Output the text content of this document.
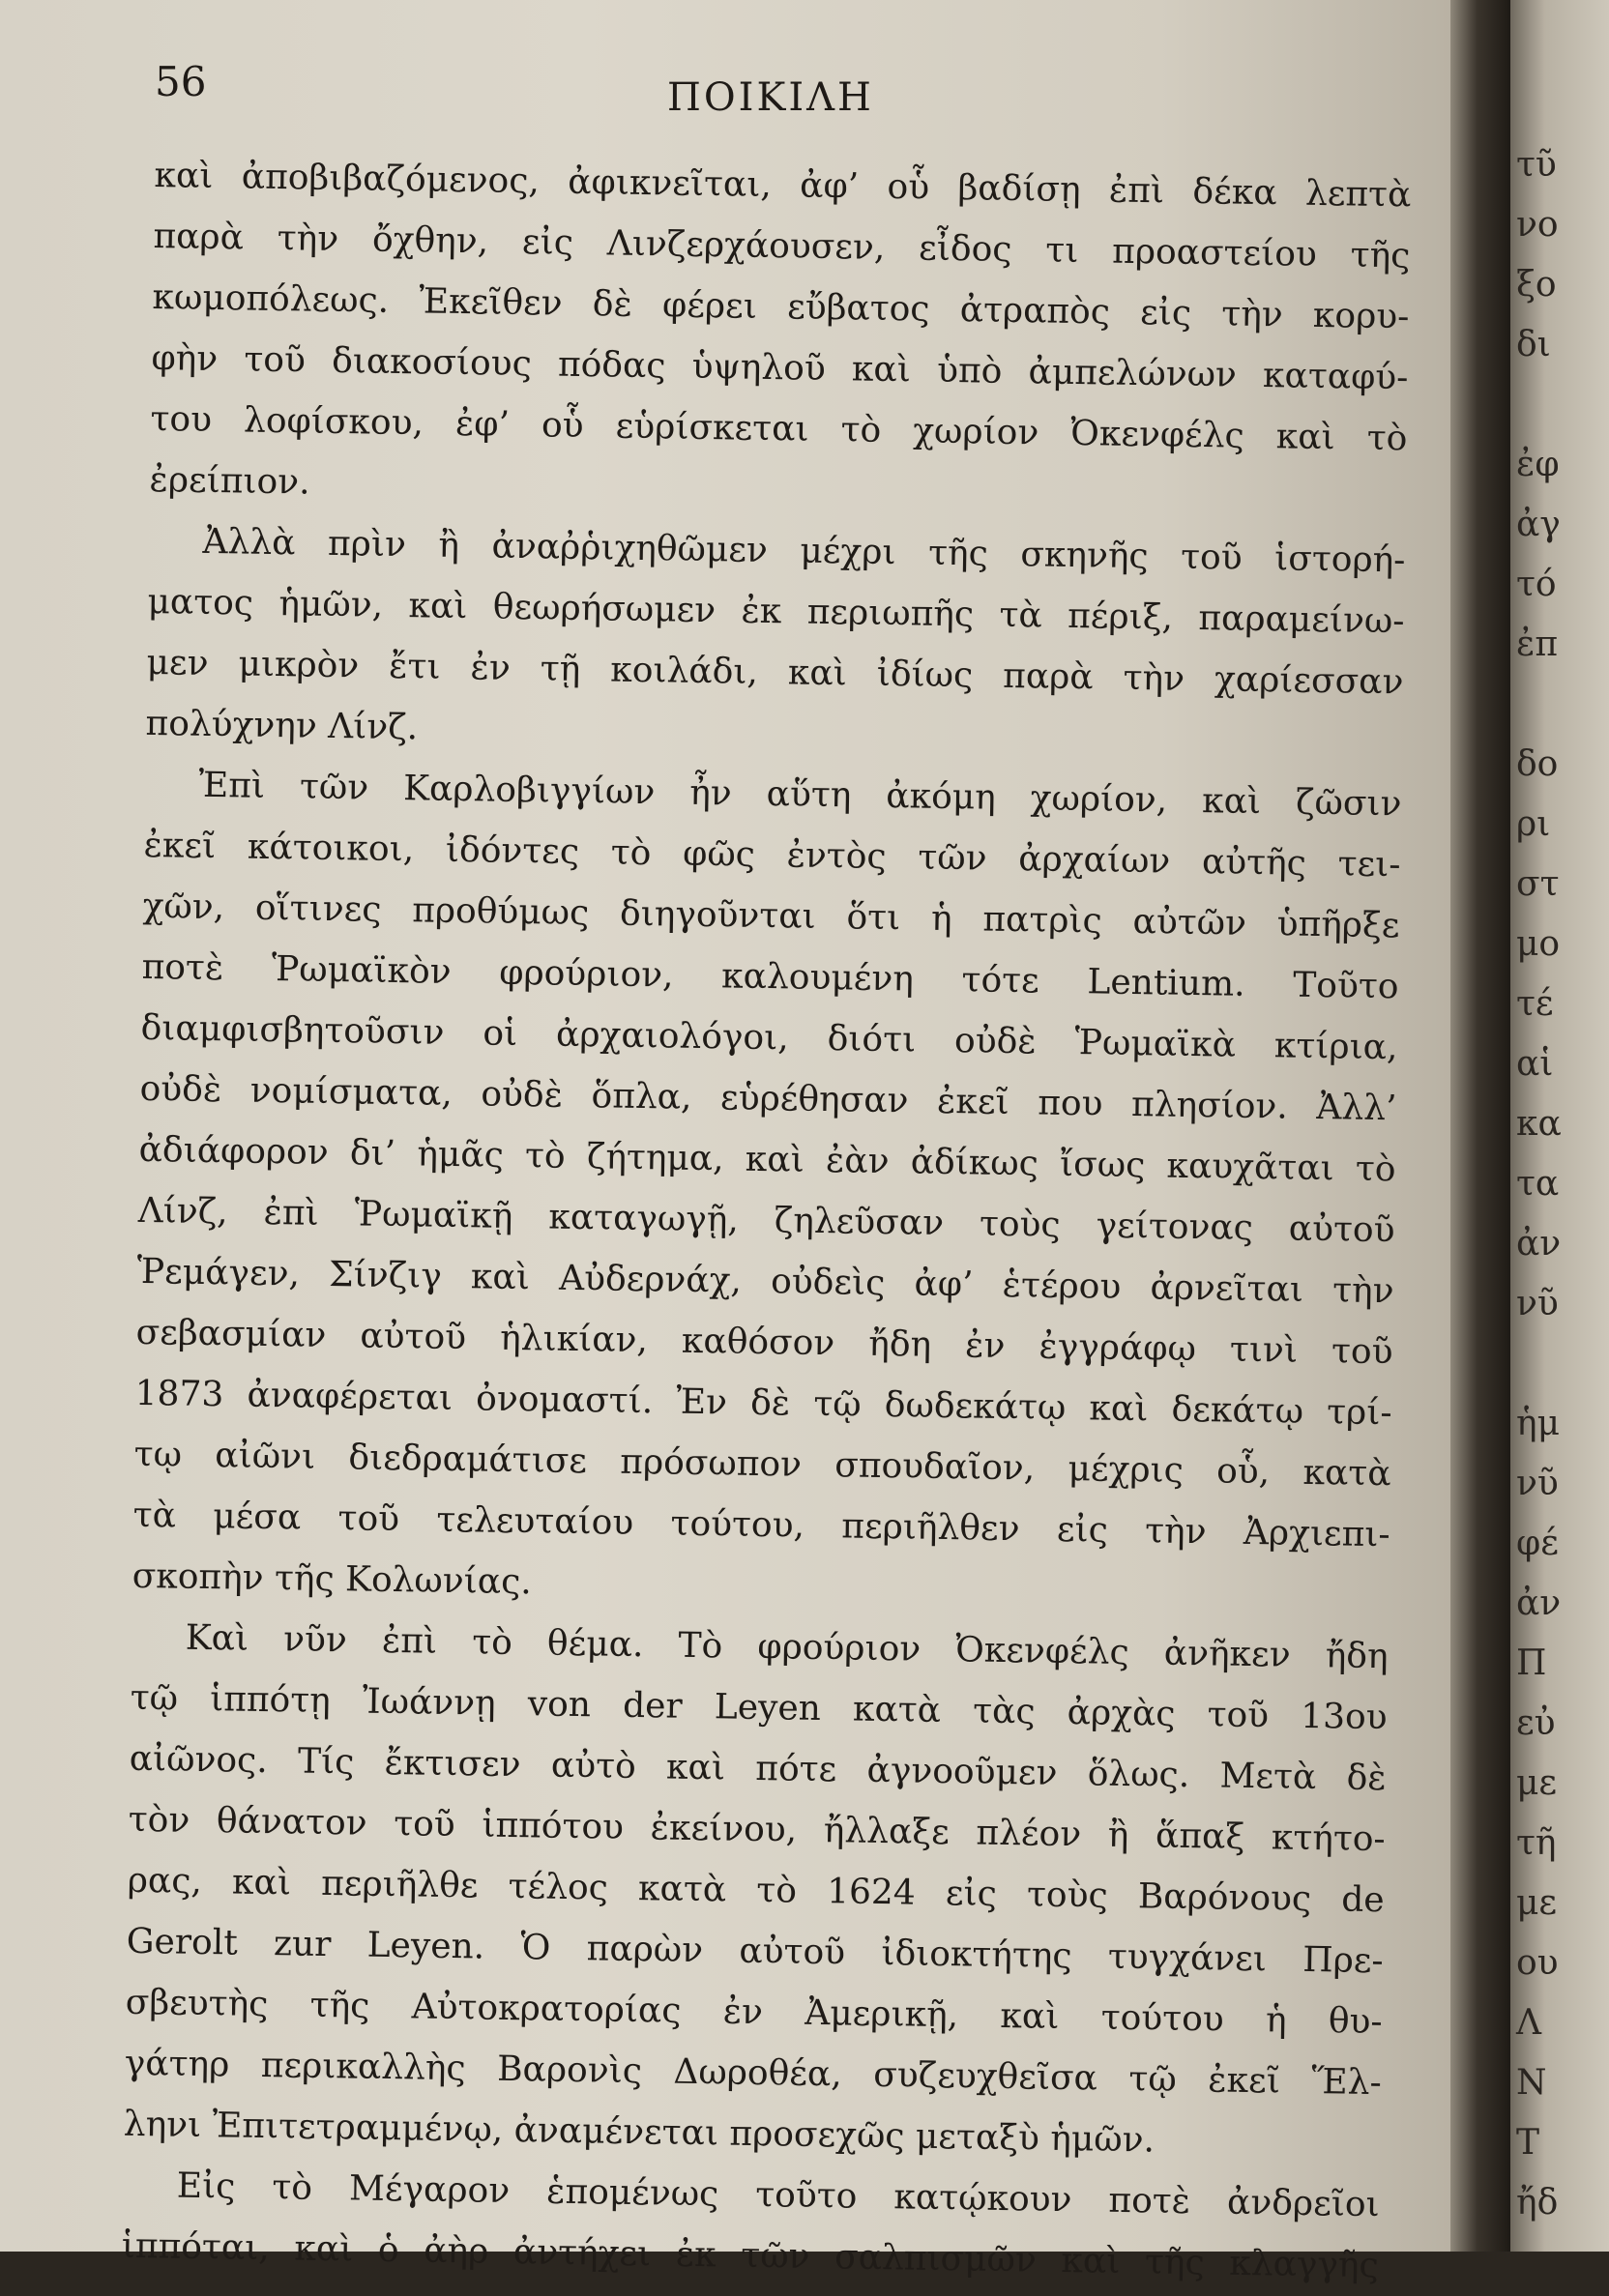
56	ΠΟΙΚΙΛΗ
καὶ ἀποβιβαζόμενος, ἀφικνεῖται, ἀφ’ οὗ βαδίσῃ ἐπὶ δέκα λεπτὰ
παρὰ τὴν ὄχθην, εἰς Λινζερχάουσεν, εἶδος τι προαστείου τῆς
κωμοπόλεως. Ἐκεῖθεν δὲ φέρει εὔβατος ἀτραπὸς εἰς τὴν κορυ-
φὴν τοῦ διακοσίους πόδας ὑψηλοῦ καὶ ὑπὸ ἀμπελώνων καταφύ-
του λοφίσκου, ἐφ’ οὗ εὑρίσκεται τὸ χωρίον Ὀκενφέλς καὶ τὸ
ἐρείπιον.
Ἀλλὰ πρὶν ἢ ἀναῤῥιχηθῶμεν μέχρι τῆς σκηνῆς τοῦ ἱστορή-
ματος ἡμῶν, καὶ θεωρήσωμεν ἐκ περιωπῆς τὰ πέριξ, παραμείνω-
μεν μικρὸν ἔτι ἐν τῇ κοιλάδι, καὶ ἰδίως παρὰ τὴν χαρίεσσαν
πολύχνην Λίνζ.
Ἐπὶ τῶν Καρλοβιγγίων ἦν αὕτη ἀκόμη χωρίον, καὶ ζῶσιν
ἐκεῖ κάτοικοι, ἰδόντες τὸ φῶς ἐντὸς τῶν ἀρχαίων αὐτῆς τει-
χῶν, οἵτινες προθύμως διηγοῦνται ὅτι ἡ πατρὶς αὐτῶν ὑπῆρξε
ποτὲ Ῥωμαϊκὸν φρούριον, καλουμένη τότε Lentium. Τοῦτο
διαμφισβητοῦσιν οἱ ἀρχαιολόγοι, διότι οὐδὲ Ῥωμαϊκὰ κτίρια,
οὐδὲ νομίσματα, οὐδὲ ὅπλα, εὑρέθησαν ἐκεῖ που πλησίον. Ἀλλ’
ἀδιάφορον δι’ ἡμᾶς τὸ ζήτημα, καὶ ἐὰν ἀδίκως ἴσως καυχᾶται τὸ
Λίνζ, ἐπὶ Ῥωμαϊκῇ καταγωγῇ, ζηλεῦσαν τοὺς γείτονας αὐτοῦ
Ῥεμάγεν, Σίνζιγ καὶ Αὐδερνάχ, οὐδεὶς ἀφ’ ἑτέρου ἀρνεῖται τὴν
σεβασμίαν αὐτοῦ ἡλικίαν, καθόσον ἤδη ἐν ἐγγράφῳ τινὶ τοῦ
1873 ἀναφέρεται ὀνομαστί. Ἐν δὲ τῷ δωδεκάτῳ καὶ δεκάτῳ τρί-
τῳ αἰῶνι διεδραμάτισε πρόσωπον σπουδαῖον, μέχρις οὗ, κατὰ
τὰ μέσα τοῦ τελευταίου τούτου, περιῆλθεν εἰς τὴν Ἀρχιεπι-
σκοπὴν τῆς Κολωνίας.
Καὶ νῦν ἐπὶ τὸ θέμα. Τὸ φρούριον Ὀκενφέλς ἀνῆκεν ἤδη
τῷ ἱππότῃ Ἰωάννῃ von der Leyen κατὰ τὰς ἀρχὰς τοῦ 13ου
αἰῶνος. Τίς ἔκτισεν αὐτὸ καὶ πότε ἀγνοοῦμεν ὅλως. Μετὰ δὲ
τὸν θάνατον τοῦ ἱππότου ἐκείνου, ἤλλαξε πλέον ἢ ἅπαξ κτήτο-
ρας, καὶ περιῆλθε τέλος κατὰ τὸ 1624 εἰς τοὺς Βαρόνους de
Gerolt zur Leyen. Ὁ παρὼν αὐτοῦ ἰδιοκτήτης τυγχάνει Πρε-
σβευτὴς τῆς Αὐτοκρατορίας ἐν Ἀμερικῇ, καὶ τούτου ἡ θυ-
γάτηρ περικαλλὴς Βαρονὶς Δωροθέα, συζευχθεῖσα τῷ ἐκεῖ Ἕλ-
ληνι Ἐπιτετραμμένῳ, ἀναμένεται προσεχῶς μεταξὺ ἡμῶν.
Εἰς τὸ Μέγαρον ἑπομένως τοῦτο κατῴκουν ποτὲ ἀνδρεῖοι
ἱππόται, καὶ ὁ ἀὴρ ἀντήχει ἐκ τῶν σαλπισμῶν καὶ τῆς κλαγγῆς
τῦ
νο
ξο
δι
ἐφ
ἀγ
τό
ἐπ
δο
ρι
στ
μο
τέ
αἱ
κα
τα
ἀν
νῦ
ἡμ
νῦ
φέ
ἀν
Π
εὐ
με
τῆ
με
ου
Λ
Ν
Τ
ἤδ
